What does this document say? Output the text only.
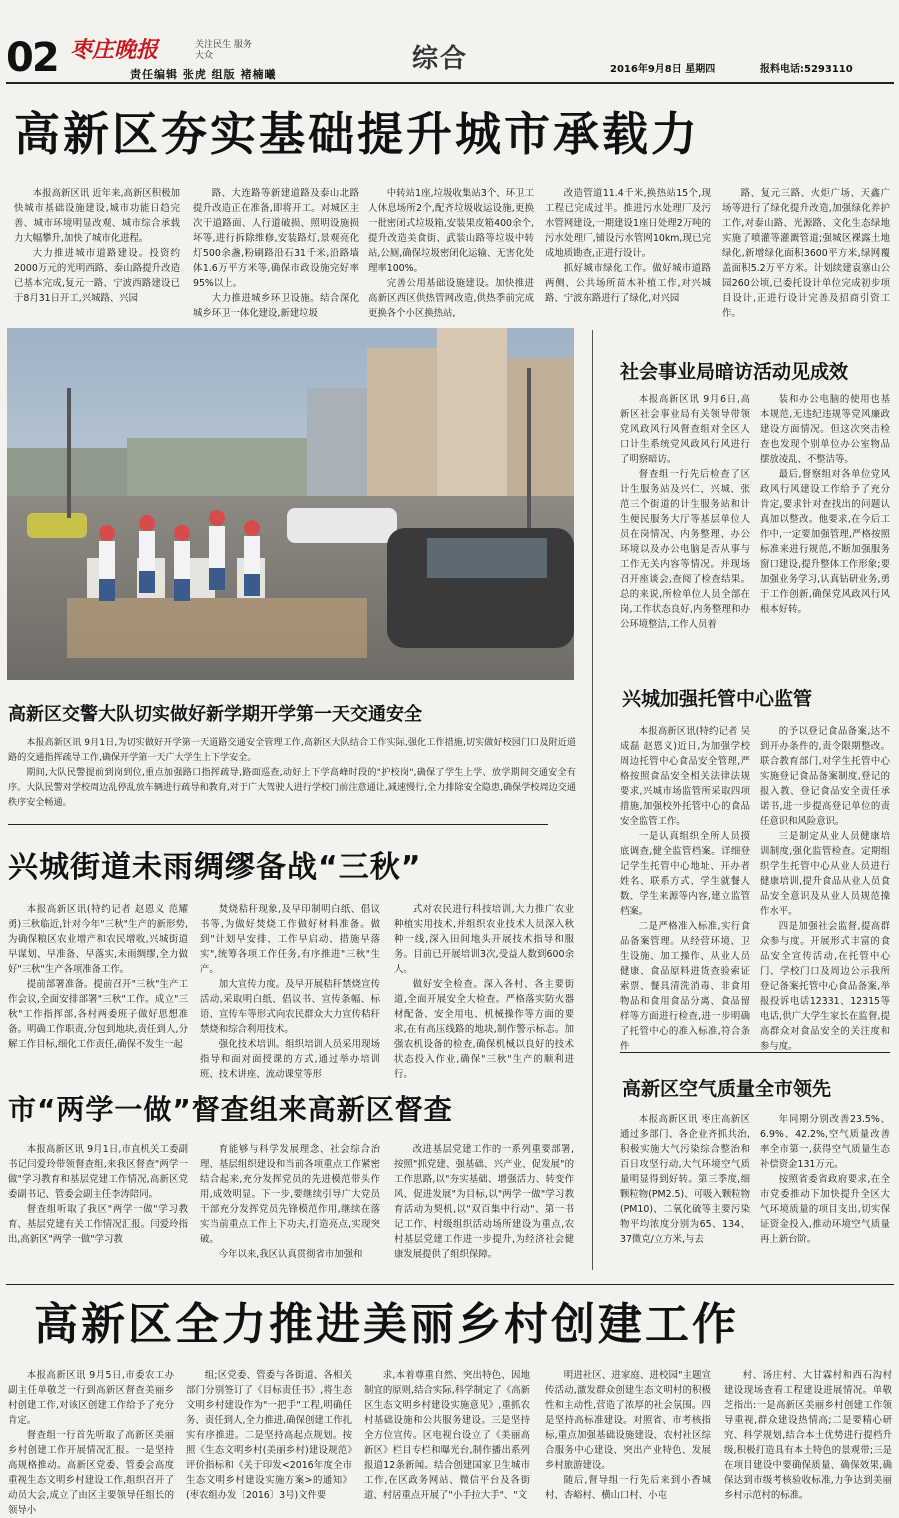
02 枣庄晚报	关注民生 服务大众
责任编辑 张虎 组版 褚楠曦
综合	2016年9月8日 星期四	报料电话:5293110
高新区夯实基础提升城市承载力

本报高新区讯 近年来,高新区积极加快城市基础设施建设,城市功能日趋完善、城市环境明显改观、城市综合承载力大幅攀升,加快了城市化进程。

大力推进城市道路建设。投资约2000万元的光明西路、泰山路提升改造已基本完成,复元一路、宁波西路建设已于8月31日开工,兴城路、兴园

路、大连路等新建道路及泰山北路提升改造正在准备,即将开工。对城区主次干道路面、人行道破损、照明设施损坏等,进行拆除维修,安装路灯,景观亮化灯500余盏,粉刷路沿石31千米,沿路墙体1.6万平方米等,确保市政设施完好率95%以上。

大力推进城乡环卫设施。结合深化城乡环卫一体化建设,新建垃圾

中转站1座,垃圾收集站3个、环卫工人休息场所2个,配齐垃圾收运设施,更换一批密闭式垃圾箱,安装果皮箱400余个,提升改造美食街、武装山路等垃圾中转站,公厕,确保垃圾密闭化运输、无害化处理率100%。

完善公用基础设施建设。加快推进高新区西区供热管网改造,供热季前完成更换各个小区换热站,

改造管道11.4千米,换热站15个,现工程已完成过半。推进污水处理厂及污水管网建设,一期建设1座日处理2万吨的污水处理厂,铺设污水管网10km,现已完成地质勘查,正进行设计。

抓好城市绿化工作。做好城市道路两侧、公共场所苗木补植工作,对兴城路、宁波东路进行了绿化,对兴园

路、复元三路、火炬广场、天鑫广场等进行了绿化提升改造,加强绿化养护工作,对泰山路、光源路、文化生态绿地实施了喷灌等灌溉管道;强城区裸露土地绿化,新增绿化面积3600平方米,绿网覆盖面积5.2万平方米。计划续建袁寨山公园260公顷,已委托设计单位完成初步项目设计,正进行设计完善及招商引资工作。

高新区交警大队切实做好新学期开学第一天交通安全

本报高新区讯 9月1日,为切实做好开学第一天道路交通安全管理工作,高新区大队结合工作实际,强化工作措施,切实做好校园门口及附近道路的交通指挥疏导工作,确保开学第一天广大学生上下学安全。

期间,大队民警提前到岗到位,重点加强路口指挥疏导,路面巡查,动好上下学高峰时段的"护校岗",确保了学生上学、放学期间交通安全有序。大队民警对学校周边乱停乱放车辆进行疏导和教育,对于广大驾驶人进行学校门前注意通让,减速慢行,全力排除安全隐患,确保学校周边交通秩序安全畅通。

兴城街道未雨绸缪备战“三秋”

本报高新区讯(特约记者 赵恩义 范耀勇)三秋临近,针对今年"三秋"生产的新形势,为确保粮区农业增产和农民增收,兴城街道早谋划、早准备、早落实,未雨绸缪,全力做好"三秋"生产各项准备工作。

提前部署准备。提前召开"三秋"生产工作会议,全面安排部署"三秋"工作。成立"三秋"工作指挥部,各村两委班子做好思想准备。明确工作职责,分包到地块,责任到人,分解工作目标,细化工作责任,确保不发生一起

焚烧秸秆现象,及早印制明白纸、倡议书等,为做好焚烧工作做好材料准备。做到"计划早安排、工作早启动、措施早落实",统筹各项工作任务,有序推进"三秋"生产。

加大宣传力度。及早开展秸秆禁烧宣传活动,采取明白纸、倡议书、宣传条幅、标语、宣传车等形式向农民群众大力宣传秸秆禁烧和综合利用技术。

强化技术培训。组织培训人员采用现场指导和面对面授课的方式,通过举办培训班、技术讲座、流动课堂等形

式对农民进行科技培训,大力推广农业种植实用技术,并组织农业技术人员深入秋种一线,深入田间地头开展技术指导和服务。目前已开展培训3次,受益人数到600余人。

做好安全检查。深入各村、各主要街道,全面开展安全大检查。严格落实防火器材配备、安全用电、机械操作等方面的要求,在有高压线路的地块,制作警示标志。加强农机设备的检查,确保机械以良好的技术状态投入作业,确保"三秋"生产的顺利进行。

市“两学一做”督查组来高新区督查

本报高新区讯 9月1日,市直机关工委副书记闫爱玲带领督查组,来我区督查"两学一做"学习教育和基层党建工作情况,高新区党委副书记、管委会副主任李涛陪同。

督查组听取了我区"两学一做"学习教育、基层党建有关工作情况汇报。闫爱玲指出,高新区"两学一做"学习教

育能够与科学发展理念、社会综合治理、基层组织建设和当前各项重点工作紧密结合起来,充分发挥党员的先进模范带头作用,成效明显。下一步,要继续引导广大党员干部充分发挥党员先锋模范作用,继续在落实当前重点工作上下功夫,打造亮点,实现突破。

今年以来,我区认真贯彻省市加强和

改进基层党建工作的一系列重要部署,按照"抓党建、强基础、兴产业、促发展"的工作思路,以"夯实基础、增强活力、转变作风、促进发展"为目标,以"两学一做"学习教育活动为契机,以"双百集中行动"、第一书记工作、村级组织活动场所建设为重点,农村基层党建工作进一步提升,为经济社会健康发展提供了组织保障。

社会事业局暗访活动见成效

本报高新区讯 9月6日,高新区社会事业局有关领导带领党风政风行风督查组对全区人口计生系统党风政风行风进行了明察暗访。

督查组一行先后检查了区计生服务站及兴仁、兴城、张范三个街道的计生服务站和计生便民服务大厅等基层单位人员在岗情况、内务整理、办公环境以及办公电脑是否从事与工作无关内容等情况。并现场召开座谈会,查阅了检查结果。总的来说,所检单位人员全部在岗,工作状态良好,内务整理和办公环境整洁,工作人员着

装和办公电脑的使用也基本规范,无违纪违规等党风廉政建设方面情况。但这次突击检查也发现个别单位办公室物品摆放凌乱、不整洁等。

最后,督察组对各单位党风政风行风建设工作给予了充分肯定,要求针对查找出的问题认真加以整改。他要求,在今后工作中,一定要加强管理,严格按照标准来进行规范,不断加强服务窗口建设,提升整体工作形象;要加强业务学习,认真钻研业务,勇于工作创新,确保党风政风行风根本好转。

兴城加强托管中心监管

本报高新区讯(特约记者 吴成磊 赵恩义)近日,为加强学校周边托管中心食品安全管理,严格按照食品安全相关法律法规要求,兴城市场监管所采取四项措施,加强校外托管中心的食品安全监管工作。

一是认真组织全所人员摸底调查,健全监管档案。详细登记学生托管中心地址、开办者姓名、联系方式、学生就餐人数、学生来源等内容,建立监管档案。

二是严格准入标准,实行食品备案管理。从经营环境、卫生设施、加工操作、从业人员健康、食品原料进货查验索证索票、餐具清洗消毒、非食用物品和食用食品分离、食品留样等方面进行检查,进一步明确了托管中心的准入标准,符合条件

的予以登记食品备案,达不到开办条件的,责令限期整改。联合教育部门,对学生托管中心实施登记食品备案制度,登记的报入教、登记食品安全责任承诺书,进一步提高登记单位的责任意识和风险意识。

三是制定从业人员健康培训制度,强化监管检查。定期组织学生托管中心从业人员进行健康培训,提升食品从业人员食品安全意识及从业人员规范操作水平。

四是加强社会监督,提高群众参与度。开展形式丰富的食品安全宣传活动,在托管中心门、学校门口及周边公示我所登记备案托管中心食品备案,举报投诉电话12331、12315等电话,供广大学生家长在监督,提高群众对食品安全的关注度和参与度。

高新区空气质量全市领先

本报高新区讯 枣庄高新区通过多部门、各企业齐抓共治,积极实施大气污染综合整治和百日攻坚行动,大气环境空气质量明显得到好转。第三季度,细颗粒物(PM2.5)、可吸入颗粒物(PM10)、二氧化硫等主要污染物平均浓度分别为65、134、37微克/立方米,与去

年同期分别改善23.5%、6.9%、42.2%,空气质量改善率全市第一,获得空气质量生态补偿资金131万元。

按照省委省政府要求,在全市党委推动下加快提升全区大气环境质量的项目支出,切实保证资金投入,推动环境空气质量再上新台阶。

高新区全力推进美丽乡村创建工作

本报高新区讯 9月5日,市委农工办副主任单敬芝一行到高新区督查美丽乡村创建工作,对该区创建工作给予了充分肯定。

督查组一行首先听取了高新区美丽乡村创建工作开展情况汇报。一是坚持高规格推动。高新区党委、管委会高度重视生态文明乡村建设工作,组织召开了动员大会,成立了由区主要领导任组长的领导小

组;区党委、管委与各街道、各相关部门分别签订了《目标责任书》,将生态文明乡村建设作为"一把手"工程,明确任务、责任到人,全力推进,确保创建工作扎实有序推进。二是坚持高起点规划。按照《生态文明乡村(美丽乡村)建设规范》评价指标和《关于印发<2016年度全市生态文明乡村建设实施方案>的通知》(枣农组办发〔2016〕3号)文件要

求,本着尊重自然、突出特色、因地制宜的原则,结合实际,科学制定了《高新区生态文明乡村建设实施意见》,重抓农村基础设施和公共服务建设。三是坚持全方位宣传。区电视台设立了《美丽高新区》栏目专栏和曝光台,制作播出系列报道12条新闻。结合创建国家卫生城市工作,在区政务网站、微信平台及各街道、村居重点开展了"小手拉大手"、"文

明进社区、进家庭、进校园"主题宣传活动,激发群众创建生态文明村的积极性和主动性,营造了浓厚的社会氛围。四是坚持高标准建设。对照省、市考核指标,重点加强基础设施建设、农村社区综合服务中心建设、突出产业特色、发展乡村旅游建设。

随后,督导组一行先后来到小香城村、杏峪村、横山口村、小屯

村、汤庄村、大甘霖村和西石沟村建设现场查看工程建设进展情况。单敬芝指出:一是高新区美丽乡村创建工作领导重视,群众建设热情高;二是要精心研究、科学规划,结合本土优势进行提档升级,积极打造具有本土特色的景观带;三是在项目建设中要确保质量、确保效果,确保达到市级考核验收标准,力争达到美丽乡村示范村的标准。
